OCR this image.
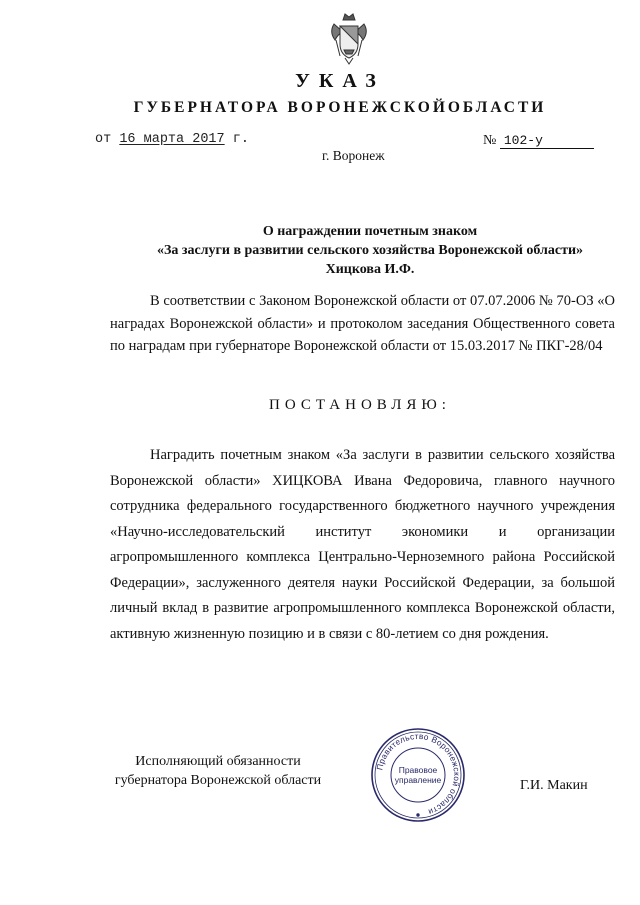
УКАЗ
ГУБЕРНАТОРА ВОРОНЕЖСКОЙОБЛАСТИ
от 16 марта 2017 г.
г. Воронеж
№ 102-у
О награждении почетным знаком
«За заслуги в развитии сельского хозяйства Воронежской области»
Хицкова И.Ф.
В соответствии с Законом Воронежской области от 07.07.2006 № 70-ОЗ «О наградах Воронежской области» и протоколом заседания Общественного совета по наградам при губернаторе Воронежской области от 15.03.2017 № ПКГ-28/04
ПОСТАНОВЛЯЮ:
Наградить почетным знаком «За заслуги в развитии сельского хозяйства Воронежской области» ХИЦКОВА Ивана Федоровича, главного научного сотрудника федерального государственного бюджетного научного учреждения «Научно-исследовательский институт экономики и организации агропромышленного комплекса Центрально-Черноземного района Российской Федерации», заслуженного деятеля науки Российской Федерации, за большой личный вклад в развитие агропромышленного комплекса Воронежской области, активную жизненную позицию и в связи с 80-летием со дня рождения.
Исполняющий обязанности
губернатора Воронежской области
Правительство Воронежской области
Правовое
управление	Г.И. Макин
